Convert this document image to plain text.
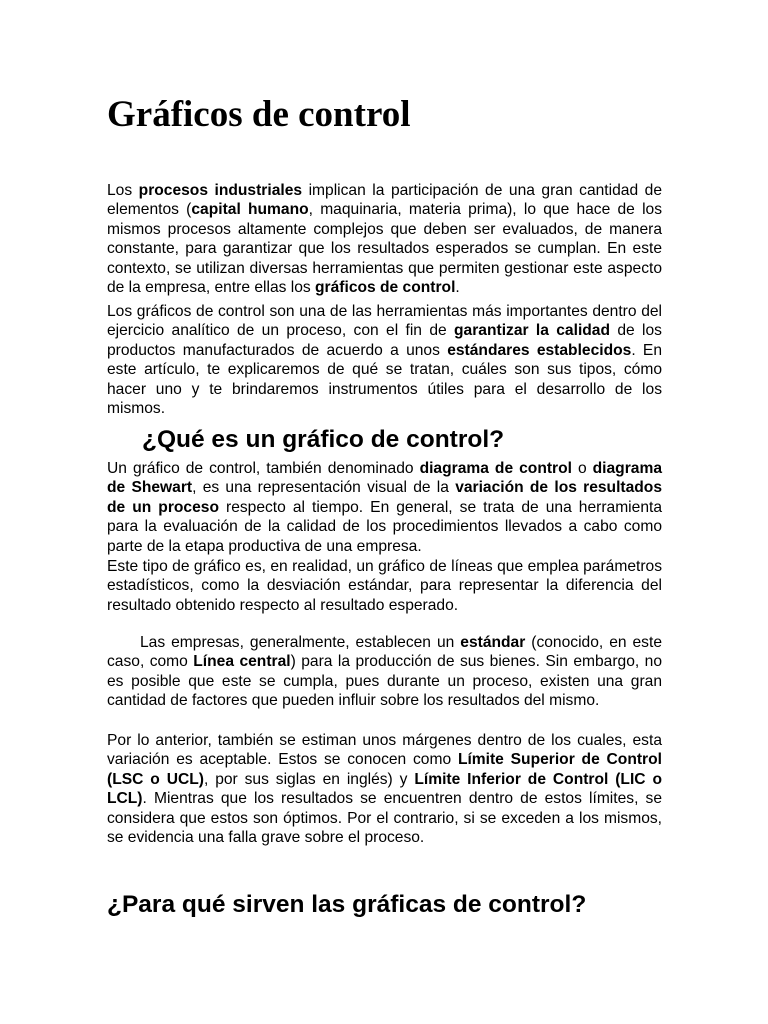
Gráficos de control

Los procesos industriales implican la participación de una gran cantidad de elementos (capital humano, maquinaria, materia prima), lo que hace de los mismos procesos altamente complejos que deben ser evaluados, de manera constante, para garantizar que los resultados esperados se cumplan. En este contexto, se utilizan diversas herramientas que permiten gestionar este aspecto de la empresa, entre ellas los gráficos de control.

Los gráficos de control son una de las herramientas más importantes dentro del ejercicio analítico de un proceso, con el fin de garantizar la calidad de los productos manufacturados de acuerdo a unos estándares establecidos. En este artículo, te explicaremos de qué se tratan, cuáles son sus tipos, cómo hacer uno y te brindaremos instrumentos útiles para el desarrollo de los mismos.

¿Qué es un gráfico de control?

Un gráfico de control, también denominado diagrama de control o diagrama de Shewart, es una representación visual de la variación de los resultados de un proceso respecto al tiempo. En general, se trata de una herramienta para la evaluación de la calidad de los procedimientos llevados a cabo como parte de la etapa productiva de una empresa.

Este tipo de gráfico es, en realidad, un gráfico de líneas que emplea parámetros estadísticos, como la desviación estándar, para representar la diferencia del resultado obtenido respecto al resultado esperado.

Las empresas, generalmente, establecen un estándar (conocido, en este caso, como Línea central) para la producción de sus bienes. Sin embargo, no es posible que este se cumpla, pues durante un proceso, existen una gran cantidad de factores que pueden influir sobre los resultados del mismo.

Por lo anterior, también se estiman unos márgenes dentro de los cuales, esta variación es aceptable. Estos se conocen como Límite Superior de Control (LSC o UCL), por sus siglas en inglés) y Límite Inferior de Control (LIC o LCL). Mientras que los resultados se encuentren dentro de estos límites, se considera que estos son óptimos. Por el contrario, si se exceden a los mismos, se evidencia una falla grave sobre el proceso.

¿Para qué sirven las gráficas de control?
